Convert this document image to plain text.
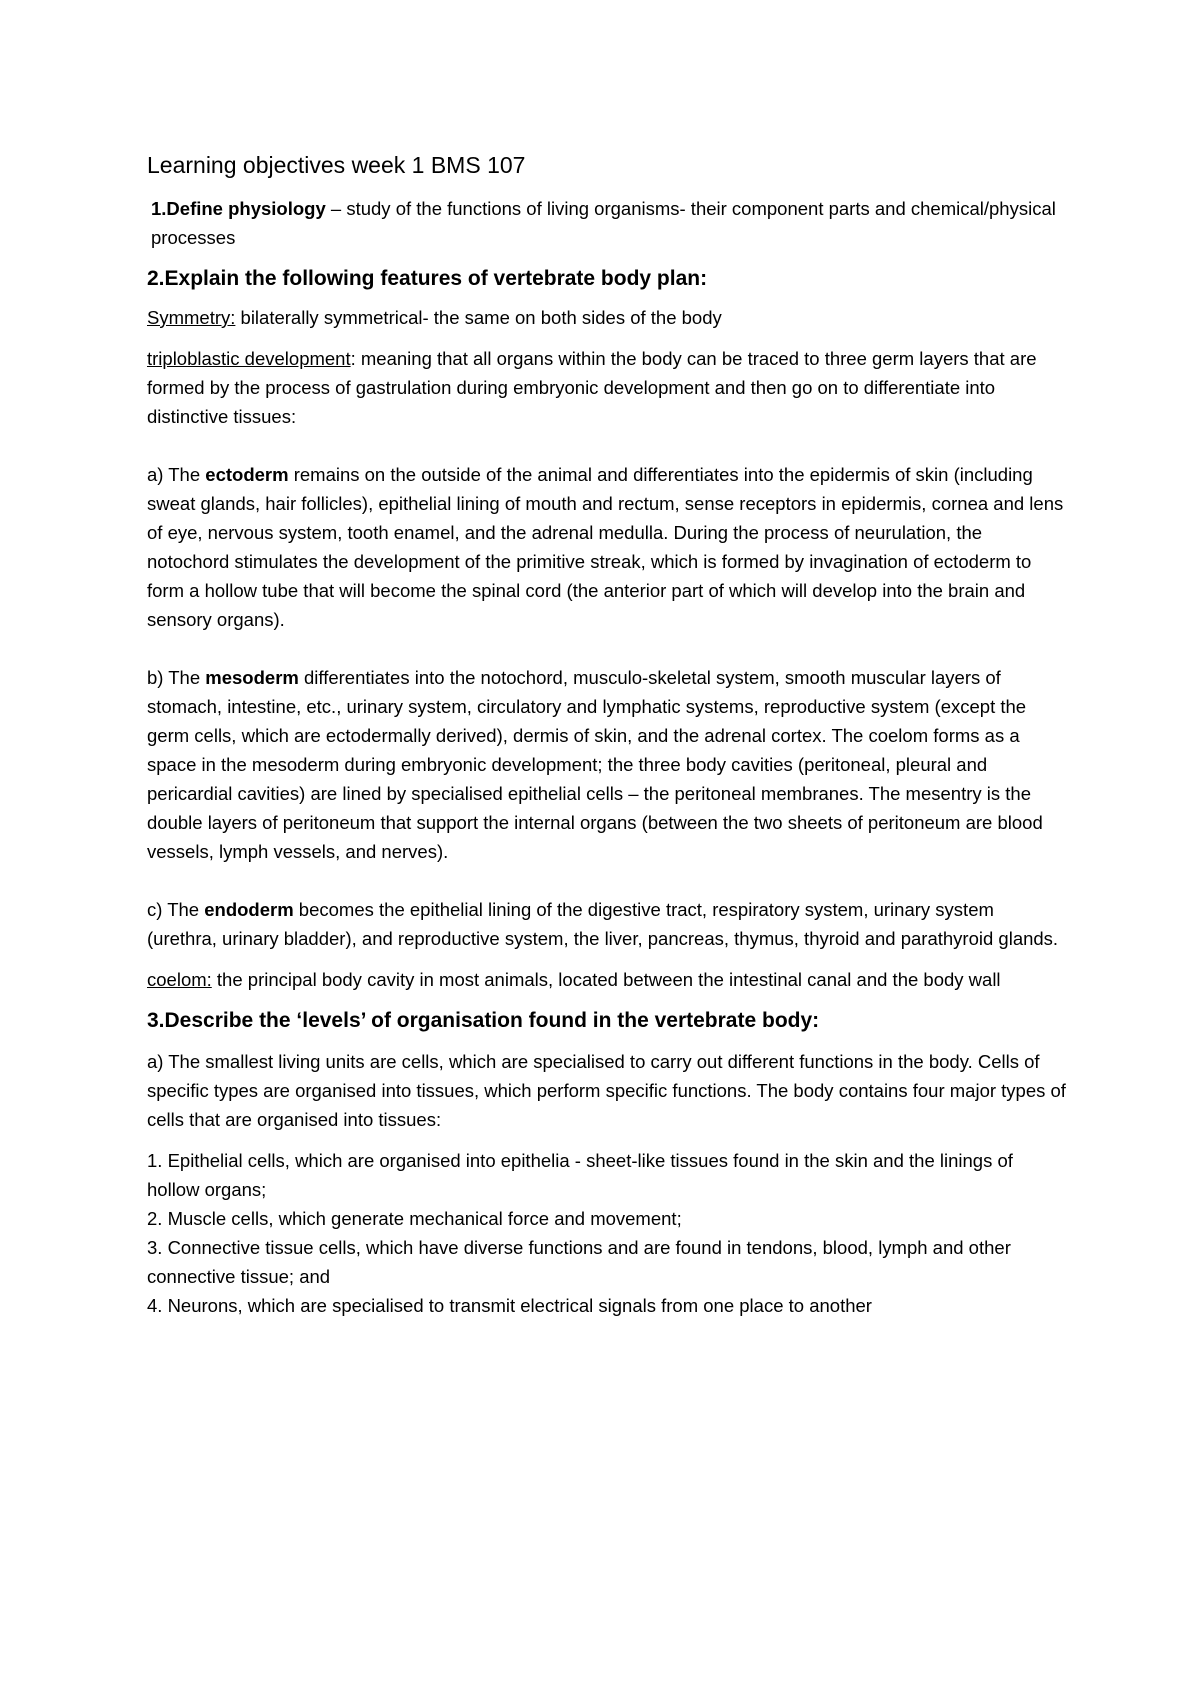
Learning objectives week 1 BMS 107

1.Define physiology – study of the functions of living organisms- their component parts and chemical/physical processes

2.Explain the following features of vertebrate body plan:

Symmetry: bilaterally symmetrical- the same on both sides of the body

triploblastic development: meaning that all organs within the body can be traced to three germ layers that are formed by the process of gastrulation during embryonic development and then go on to differentiate into distinctive tissues:

a) The ectoderm remains on the outside of the animal and differentiates into the epidermis of skin (including sweat glands, hair follicles), epithelial lining of mouth and rectum, sense receptors in epidermis, cornea and lens of eye, nervous system, tooth enamel, and the adrenal medulla. During the process of neurulation, the notochord stimulates the development of the primitive streak, which is formed by invagination of ectoderm to form a hollow tube that will become the spinal cord (the anterior part of which will develop into the brain and sensory organs).

b) The mesoderm differentiates into the notochord, musculo-skeletal system, smooth muscular layers of stomach, intestine, etc., urinary system, circulatory and lymphatic systems, reproductive system (except the germ cells, which are ectodermally derived), dermis of skin, and the adrenal cortex. The coelom forms as a space in the mesoderm during embryonic development; the three body cavities (peritoneal, pleural and pericardial cavities) are lined by specialised epithelial cells – the peritoneal membranes. The mesentry is the double layers of peritoneum that support the internal organs (between the two sheets of peritoneum are blood vessels, lymph vessels, and nerves).

c) The endoderm becomes the epithelial lining of the digestive tract, respiratory system, urinary system (urethra, urinary bladder), and reproductive system, the liver, pancreas, thymus, thyroid and parathyroid glands.

coelom: the principal body cavity in most animals, located between the intestinal canal and the body wall

3.Describe the ‘levels’ of organisation found in the vertebrate body:

a) The smallest living units are cells, which are specialised to carry out different functions in the body. Cells of specific types are organised into tissues, which perform specific functions. The body contains four major types of cells that are organised into tissues:

1. Epithelial cells, which are organised into epithelia - sheet-like tissues found in the skin and the linings of hollow organs;

2. Muscle cells, which generate mechanical force and movement;

3. Connective tissue cells, which have diverse functions and are found in tendons, blood, lymph and other connective tissue; and

4. Neurons, which are specialised to transmit electrical signals from one place to another
